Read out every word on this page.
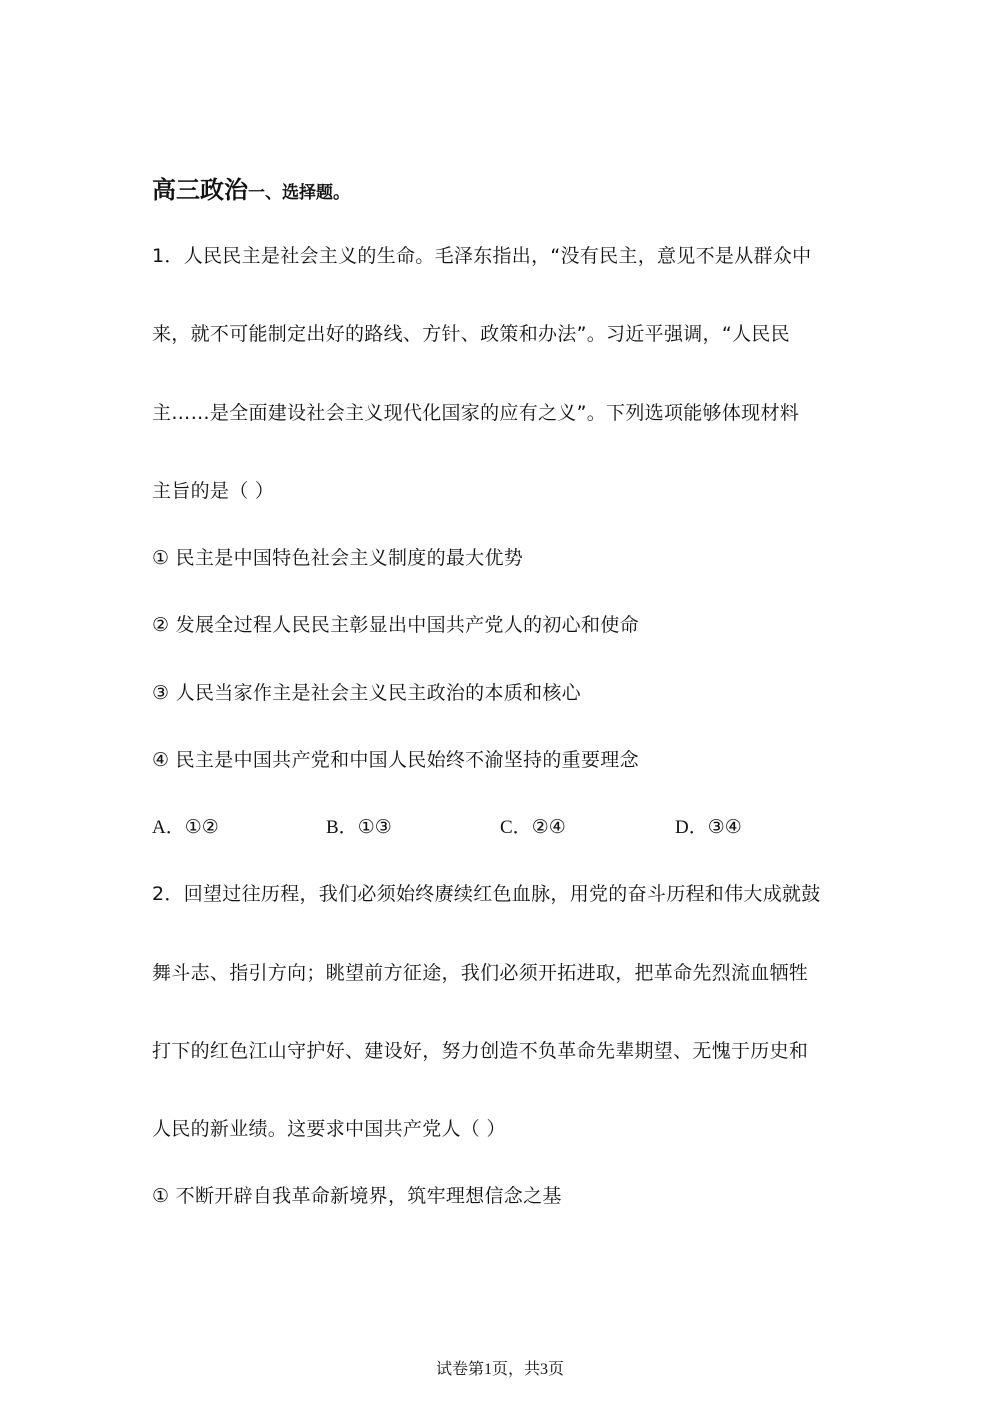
高三政治一、选择题。
1．人民民主是社会主义的生命。毛泽东指出，“没有民主，意见不是从群众中
来，就不可能制定出好的路线、方针、政策和办法”。习近平强调，“人民民
主……是全面建设社会主义现代化国家的应有之义”。下列选项能够体现材料
主旨的是（ ）
① 民主是中国特色社会主义制度的最大优势
② 发展全过程人民民主彰显出中国共产党人的初心和使命
③ 人民当家作主是社会主义民主政治的本质和核心
④ 民主是中国共产党和中国人民始终不渝坚持的重要理念
A．①②	B．①③	C．②④	D．③④
2．回望过往历程，我们必须始终赓续红色血脉，用党的奋斗历程和伟大成就鼓
舞斗志、指引方向；眺望前方征途，我们必须开拓进取，把革命先烈流血牺牲
打下的红色江山守护好、建设好，努力创造不负革命先辈期望、无愧于历史和
人民的新业绩。这要求中国共产党人（ ）
① 不断开辟自我革命新境界，筑牢理想信念之基
试卷第1页，共3页
